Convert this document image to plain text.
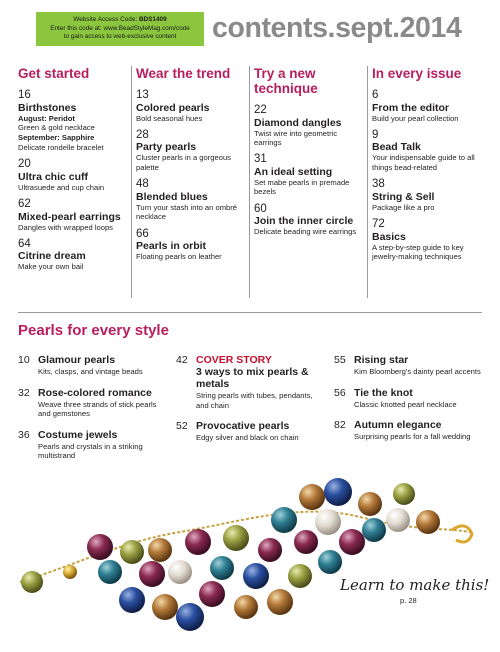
Website Access Code: BDS1409
Enter this code at: www.BeadStyleMag.com/code
to gain access to web-exclusive content	contents.sept.2014
Get started
16
Birthstones
August: Peridot
Green & gold necklace
September: Sapphire
Delicate rondelle bracelet
20
Ultra chic cuff
Ultrasuede and cup chain
62
Mixed-pearl earrings
Dangles with wrapped loops
64
Citrine dream
Make your own bail
Wear the trend
13
Colored pearls
Bold seasonal hues
28
Party pearls
Cluster pearls in a gorgeous palette
48
Blended blues
Turn your stash into an ombré necklace
66
Pearls in orbit
Floating pearls on leather
Try a new technique
22
Diamond dangles
Twist wire into geometric earrings
31
An ideal setting
Set mabe pearls in premade bezels
60
Join the inner circle
Delicate beading wire earrings
In every issue
6
From the editor
Build your pearl collection
9
Bead Talk
Your indispensable guide to all things bead-related
38
String & Sell
Package like a pro
72
Basics
A step-by-step guide to key jewelry-making techniques
Pearls for every style
10 Glamour pearls
Kits, clasps, and vintage beads
32 Rose-colored romance
Weave three strands of stick pearls and gemstones
36 Costume jewels
Pearls and crystals in a striking multistrand
42 COVER STORY
3 ways to mix pearls & metals
String pearls with tubes, pendants, and chain
52 Provocative pearls
Edgy silver and black on chain
55 Rising star
Kim Bloomberg's dainty pearl accents
56 Tie the knot
Classic knotted pearl necklace
82 Autumn elegance
Surprising pearls for a fall wedding
Learn to make this!
p. 28
